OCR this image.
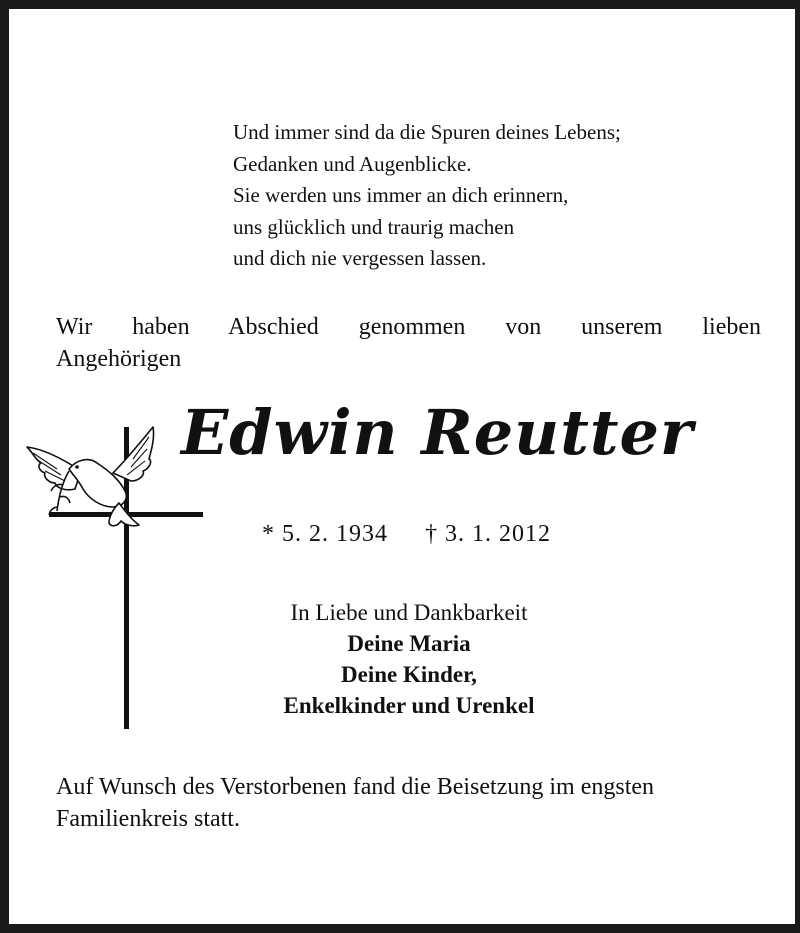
Und immer sind da die Spuren deines Lebens;
Gedanken und Augenblicke.
Sie werden uns immer an dich erinnern,
uns glücklich und traurig machen
und dich nie vergessen lassen.
Wir haben Abschied genommen von unserem lieben
Angehörigen
Edwin Reutter
* 5. 2. 1934 † 3. 1. 2012
In Liebe und Dankbarkeit
Deine Maria
Deine Kinder,
Enkelkinder und Urenkel
Auf Wunsch des Verstorbenen fand die Beisetzung im engsten Familienkreis statt.
